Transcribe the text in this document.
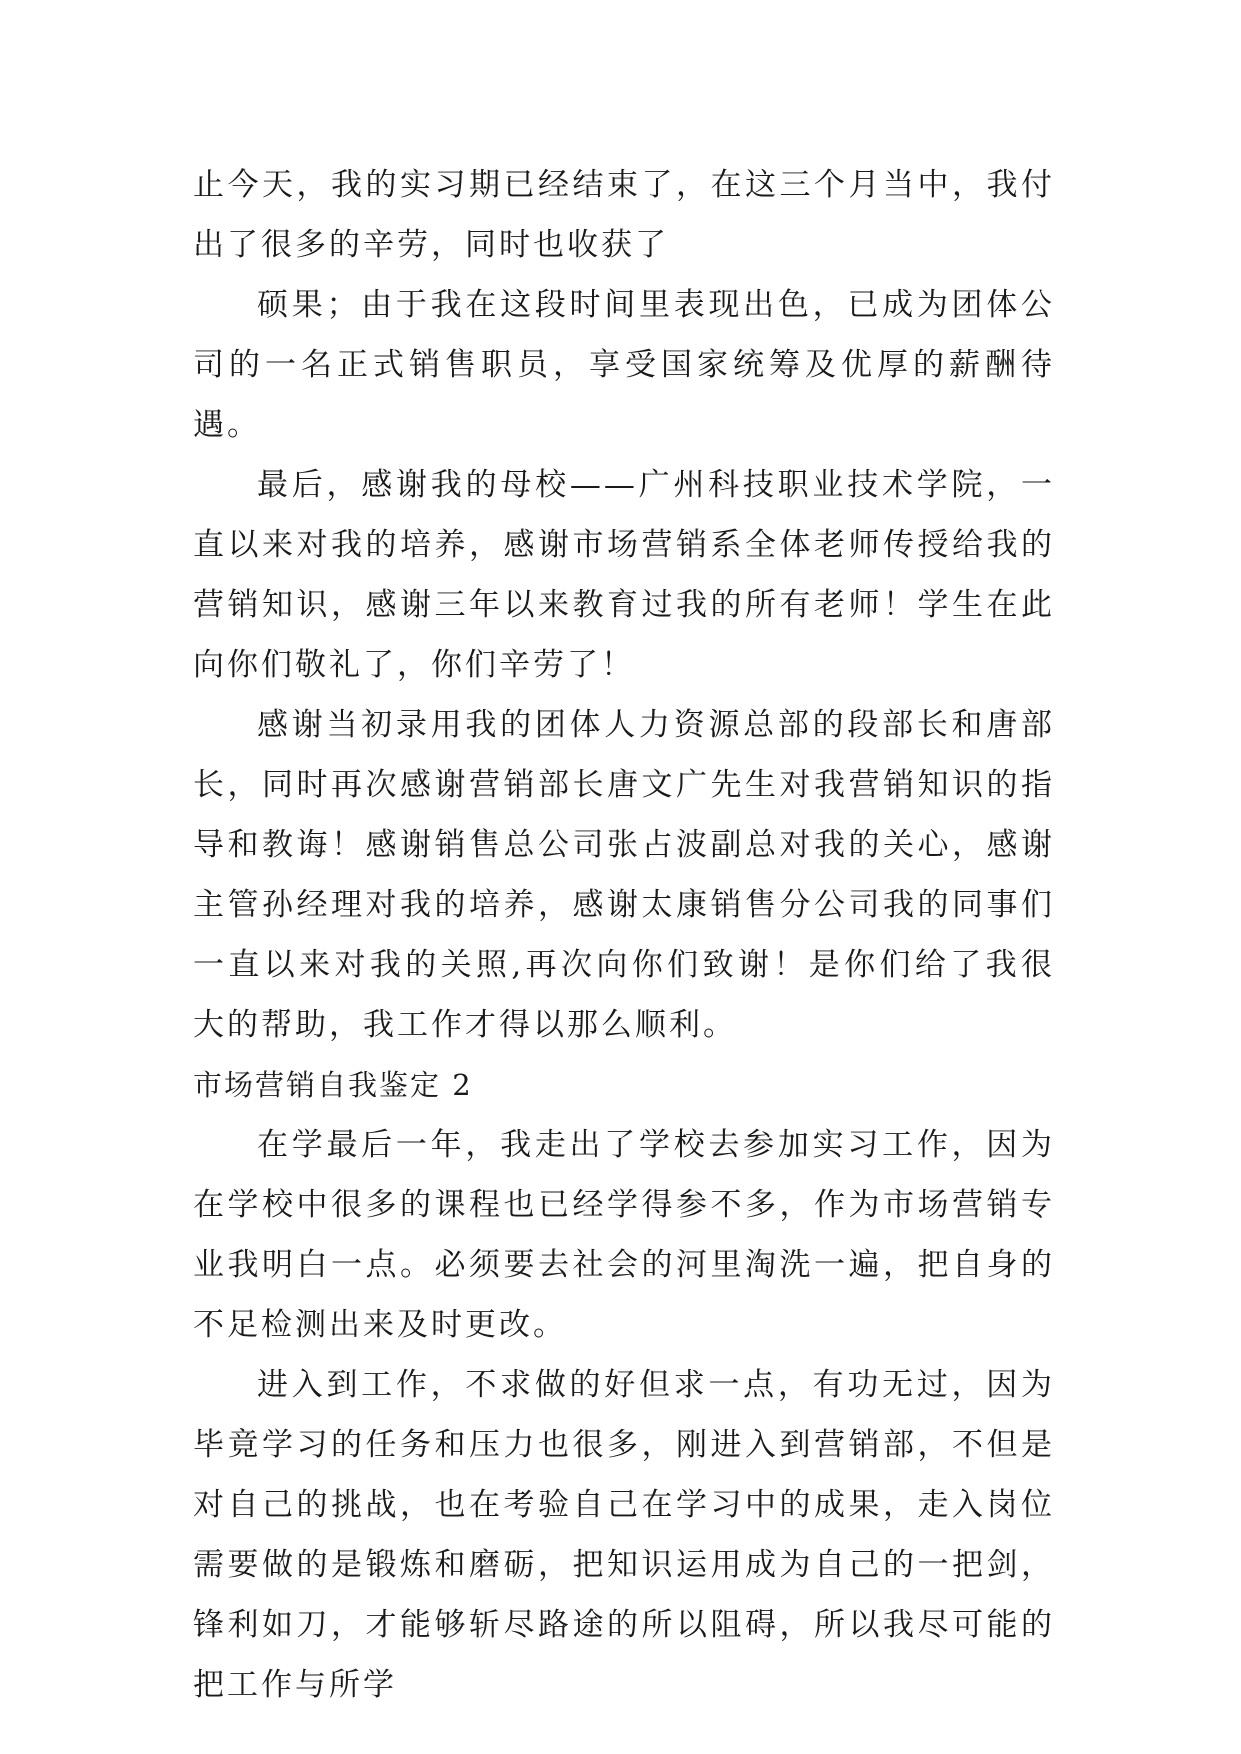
止今天，我的实习期已经结束了，在这三个月当中，我付出了很多的辛劳，同时也收获了

硕果；由于我在这段时间里表现出色，已成为团体公司的一名正式销售职员，享受国家统筹及优厚的薪酬待遇。

最后，感谢我的母校——广州科技职业技术学院，一直以来对我的培养，感谢市场营销系全体老师传授给我的营销知识，感谢三年以来教育过我的所有老师！学生在此向你们敬礼了，你们辛劳了！

感谢当初录用我的团体人力资源总部的段部长和唐部长，同时再次感谢营销部长唐文广先生对我营销知识的指导和教诲！感谢销售总公司张占波副总对我的关心，感谢主管孙经理对我的培养，感谢太康销售分公司我的同事们一直以来对我的关照,再次向你们致谢！是你们给了我很大的帮助，我工作才得以那么顺利。

市场营销自我鉴定 2

在学最后一年，我走出了学校去参加实习工作，因为在学校中很多的课程也已经学得参不多，作为市场营销专业我明白一点。必须要去社会的河里淘洗一遍，把自身的不足检测出来及时更改。

进入到工作，不求做的好但求一点，有功无过，因为毕竟学习的任务和压力也很多，刚进入到营销部，不但是对自己的挑战，也在考验自己在学习中的成果，走入岗位需要做的是锻炼和磨砺，把知识运用成为自己的一把剑，锋利如刀，才能够斩尽路途的所以阻碍，所以我尽可能的把工作与所学
